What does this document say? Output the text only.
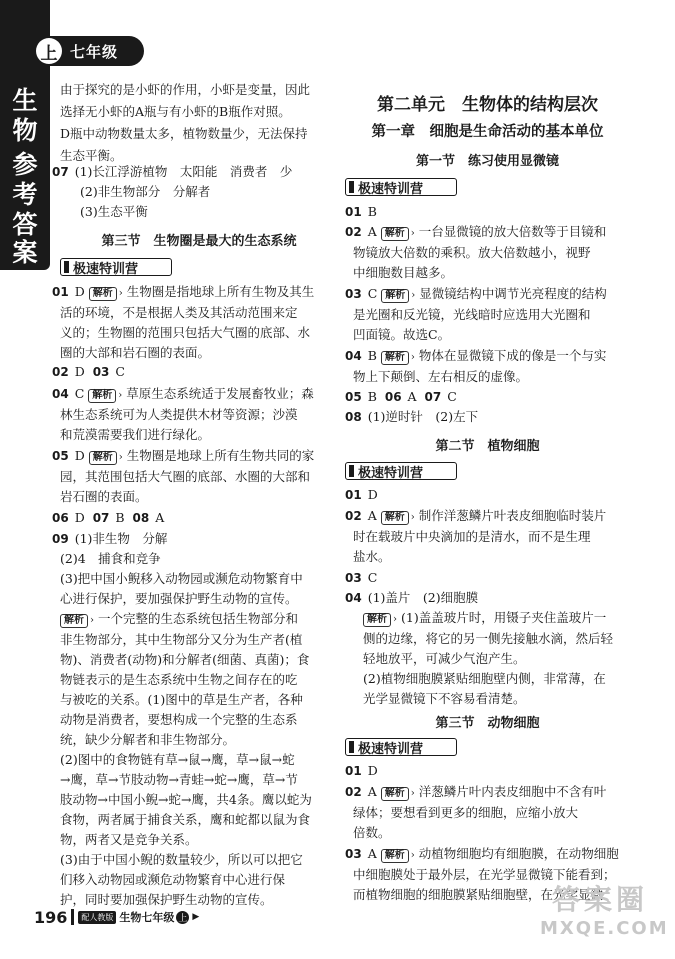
生
物
参
考
答
案
上 七年级
由于探究的是小虾的作用，小虾是变量，因此
选择无小虾的A瓶与有小虾的B瓶作对照。
D瓶中动物数量太多，植物数量少，无法保持
生态平衡。
07 (1)长江浮游植物　太阳能　消费者　少
(2)非生物部分　分解者
(3)生态平衡
第三节　生物圈是最大的生态系统
极速特训营
01 D 解析 › 生物圈是指地球上所有生物及其生
活的环境，不是根据人类及其活动范围来定
义的；生物圈的范围只包括大气圈的底部、水
圈的大部和岩石圈的表面。
02 D 03 C
04 C 解析 › 草原生态系统适于发展畜牧业；森
林生态系统可为人类提供木材等资源；沙漠
和荒漠需要我们进行绿化。
05 D 解析 › 生物圈是地球上所有生物共同的家
园，其范围包括大气圈的底部、水圈的大部和
岩石圈的表面。
06 D 07 B 08 A
09 (1)非生物　分解
(2)4　捕食和竞争
(3)把中国小鲵移入动物园或濒危动物繁育中
心进行保护，要加强保护野生动物的宣传。
解析 › 一个完整的生态系统包括生物部分和
非生物部分，其中生物部分又分为生产者(植
物)、消费者(动物)和分解者(细菌、真菌)；食
物链表示的是生态系统中生物之间存在的吃
与被吃的关系。(1)图中的草是生产者，各种
动物是消费者，要想构成一个完整的生态系
统，缺少分解者和非生物部分。
(2)图中的食物链有草→鼠→鹰，草→鼠→蛇
→鹰，草→节肢动物→青蛙→蛇→鹰，草→节
肢动物→中国小鲵→蛇→鹰，共4条。鹰以蛇为
食物，两者属于捕食关系，鹰和蛇都以鼠为食
物，两者又是竞争关系。
(3)由于中国小鲵的数量较少，所以可以把它
们移入动物园或濒危动物繁育中心进行保
护，同时要加强保护野生动物的宣传。
第二单元　生物体的结构层次
第一章　细胞是生命活动的基本单位
第一节　练习使用显微镜
极速特训营
01 B
02 A 解析 › 一台显微镜的放大倍数等于目镜和
物镜放大倍数的乘积。放大倍数越小，视野
中细胞数目越多。
03 C 解析 › 显微镜结构中调节光亮程度的结构
是光圈和反光镜，光线暗时应选用大光圈和
凹面镜。故选C。
04 B 解析 › 物体在显微镜下成的像是一个与实
物上下颠倒、左右相反的虚像。
05 B 06 A 07 C
08 (1)逆时针　(2)左下
第二节　植物细胞
极速特训营
01 D
02 A 解析 › 制作洋葱鳞片叶表皮细胞临时装片
时在载玻片中央滴加的是清水，而不是生理
盐水。
03 C
04 (1)盖片　(2)细胞膜
解析 › (1)盖盖玻片时，用镊子夹住盖玻片一
侧的边缘，将它的另一侧先接触水滴，然后轻
轻地放平，可减少气泡产生。
(2)植物细胞膜紧贴细胞壁内侧，非常薄，在
光学显微镜下不容易看清楚。
第三节　动物细胞
极速特训营
01 D
02 A 解析 › 洋葱鳞片叶内表皮细胞中不含有叶
绿体；要想看到更多的细胞，应缩小放大
倍数。
03 A 解析 › 动植物细胞均有细胞膜，在动物细胞
中细胞膜处于最外层，在光学显微镜下能看到；
而植物细胞的细胞膜紧贴细胞壁，在光学显微
196	配人教版 生物七年级 上 ▶
答案圈
MXQE.COM
